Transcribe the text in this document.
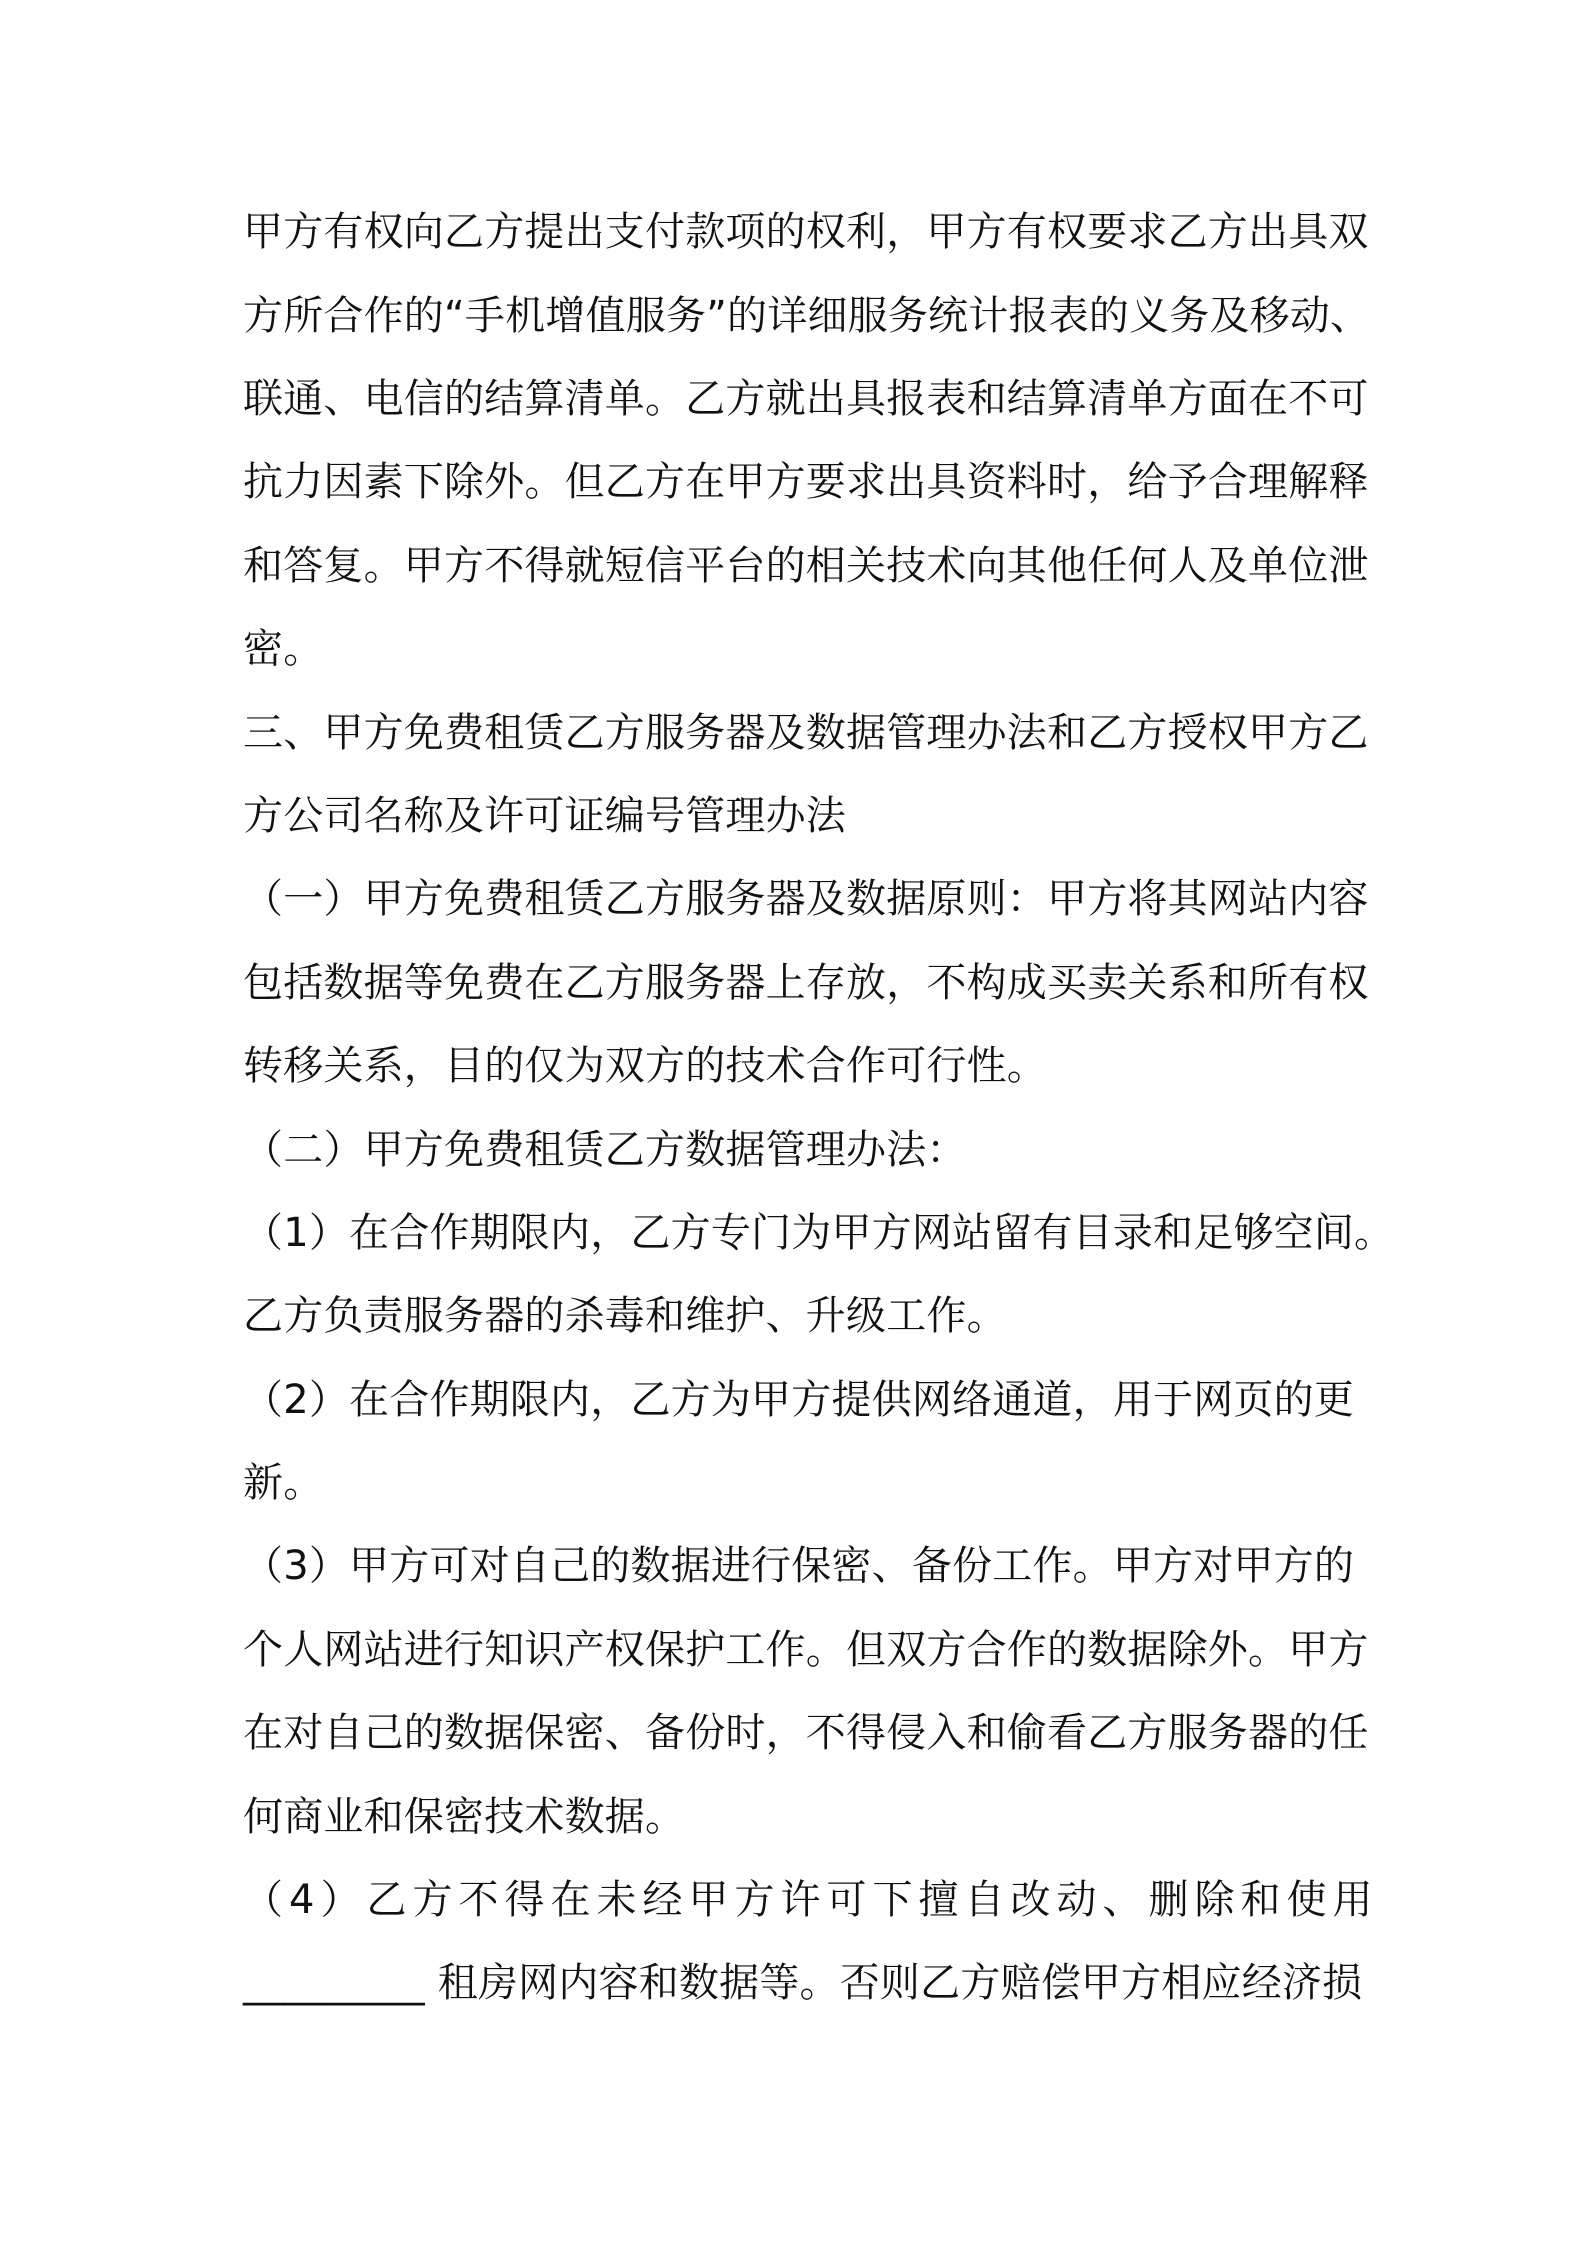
甲方有权向乙方提出支付款项的权利，甲方有权要求乙方出具双
方所合作的“手机增值服务”的详细服务统计报表的义务及移动、
联通、电信的结算清单。乙方就出具报表和结算清单方面在不可
抗力因素下除外。但乙方在甲方要求出具资料时，给予合理解释
和答复。甲方不得就短信平台的相关技术向其他任何人及单位泄
密。
三、甲方免费租赁乙方服务器及数据管理办法和乙方授权甲方乙
方公司名称及许可证编号管理办法
（一）甲方免费租赁乙方服务器及数据原则：甲方将其网站内容
包括数据等免费在乙方服务器上存放，不构成买卖关系和所有权
转移关系，目的仅为双方的技术合作可行性。
（二）甲方免费租赁乙方数据管理办法：
（1）在合作期限内，乙方专门为甲方网站留有目录和足够空间。
乙方负责服务器的杀毒和维护、升级工作。
（2）在合作期限内，乙方为甲方提供网络通道，用于网页的更
新。
（3）甲方可对自己的数据进行保密、备份工作。甲方对甲方的
个人网站进行知识产权保护工作。但双方合作的数据除外。甲方
在对自己的数据保密、备份时，不得侵入和偷看乙方服务器的任
何商业和保密技术数据。
（4）乙方不得在未经甲方许可下擅自改动、删除和使用
_________ 租房网内容和数据等。否则乙方赔偿甲方相应经济损
